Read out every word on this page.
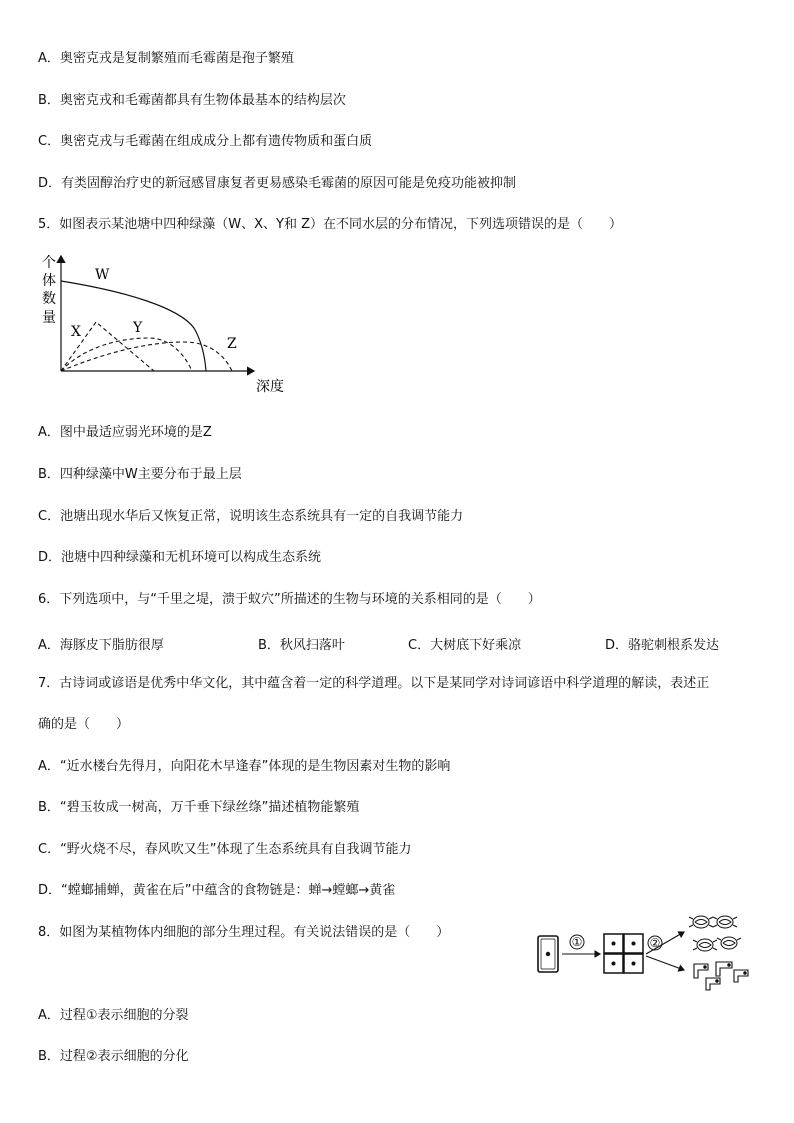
A．奥密克戎是复制繁殖而毛霉菌是孢子繁殖
B．奥密克戎和毛霉菌都具有生物体最基本的结构层次
C．奥密克戎与毛霉菌在组成成分上都有遗传物质和蛋白质
D．有类固醇治疗史的新冠感冒康复者更易感染毛霉菌的原因可能是免疫功能被抑制
5．如图表示某池塘中四种绿藻（W、X、Y和 Z）在不同水层的分布情况，下列选项错误的是（　　）
个
体
数
量
深度
W
X	Y
Z
A．图中最适应弱光环境的是Z
B．四种绿藻中W主要分布于最上层
C．池塘出现水华后又恢复正常，说明该生态系统具有一定的自我调节能力
D．池塘中四种绿藻和无机环境可以构成生态系统
6．下列选项中，与“千里之堤，溃于蚁穴”所描述的生物与环境的关系相同的是（　　）
A．海豚皮下脂肪很厚	B．秋风扫落叶	C．大树底下好乘凉	D．骆驼刺根系发达
7．古诗词或谚语是优秀中华文化，其中蕴含着一定的科学道理。以下是某同学对诗词谚语中科学道理的解读，表述正
确的是（　　）
A．“近水楼台先得月，向阳花木早逢春”体现的是生物因素对生物的影响
B．“碧玉妆成一树高，万千垂下绿丝绦”描述植物能繁殖
C．“野火烧不尽，春风吹又生”体现了生态系统具有自我调节能力
D．“螳螂捕蝉，黄雀在后”中蕴含的食物链是：蝉→螳螂→黄雀
8．如图为某植物体内细胞的部分生理过程。有关说法错误的是（　　）
①	②
A．过程①表示细胞的分裂
B．过程②表示细胞的分化
